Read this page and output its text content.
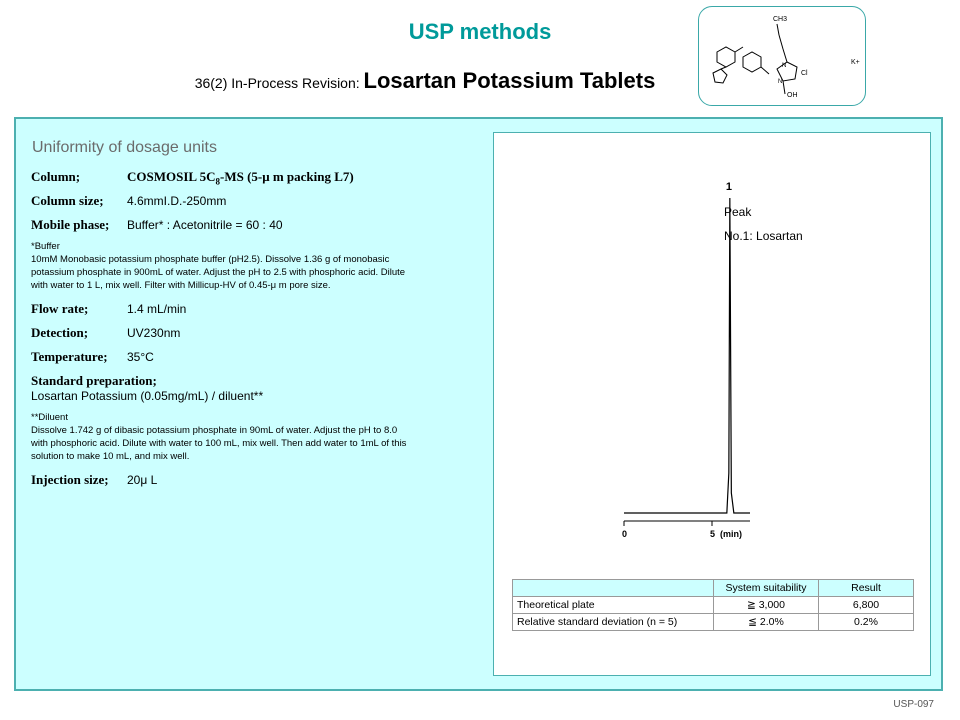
USP methods
36(2) In-Process Revision: Losartan Potassium Tablets
CH3
Cl
OH
K+
N
N
Uniformity of dosage units
Column;	COSMOSIL $5C_8-MS$ (5-μ m packing L7)
Column size; 4.6mmI.D.-250mm
Mobile phase; Buffer* : Acetonitrile = 60 : 40
*Buffer
10mM Monobasic potassium phosphate buffer (pH2.5). Dissolve 1.36 g of monobasic
potassium phosphate in 900mL of water. Adjust the pH to 2.5 with phosphoric acid. Dilute
with water to 1 L, mix well. Filter with Millicup-HV of 0.45-μ m pore size.
Flow rate;	1.4 mL/min
Detection;	UV230nm
Temperature; 35°C
Standard preparation;
Losartan Potassium (0.05mg/mL) / diluent**
**Diluent
Dissolve 1.742 g of dibasic potassium phosphate in 90mL of water. Adjust the pH to 8.0
with phosphoric acid. Dilute with water to 100 mL, mix well. Then add water to 1mL of this
solution to make 10 mL, and mix well.
Injection size; 20μ L
0	5 (min)
1
Peak
No.1: Losartan
	System suitability	Result
Theoretical plate	≧ 3,000	6,800
Relative standard deviation (n = 5)	≦ 2.0%	0.2%
USP-097
